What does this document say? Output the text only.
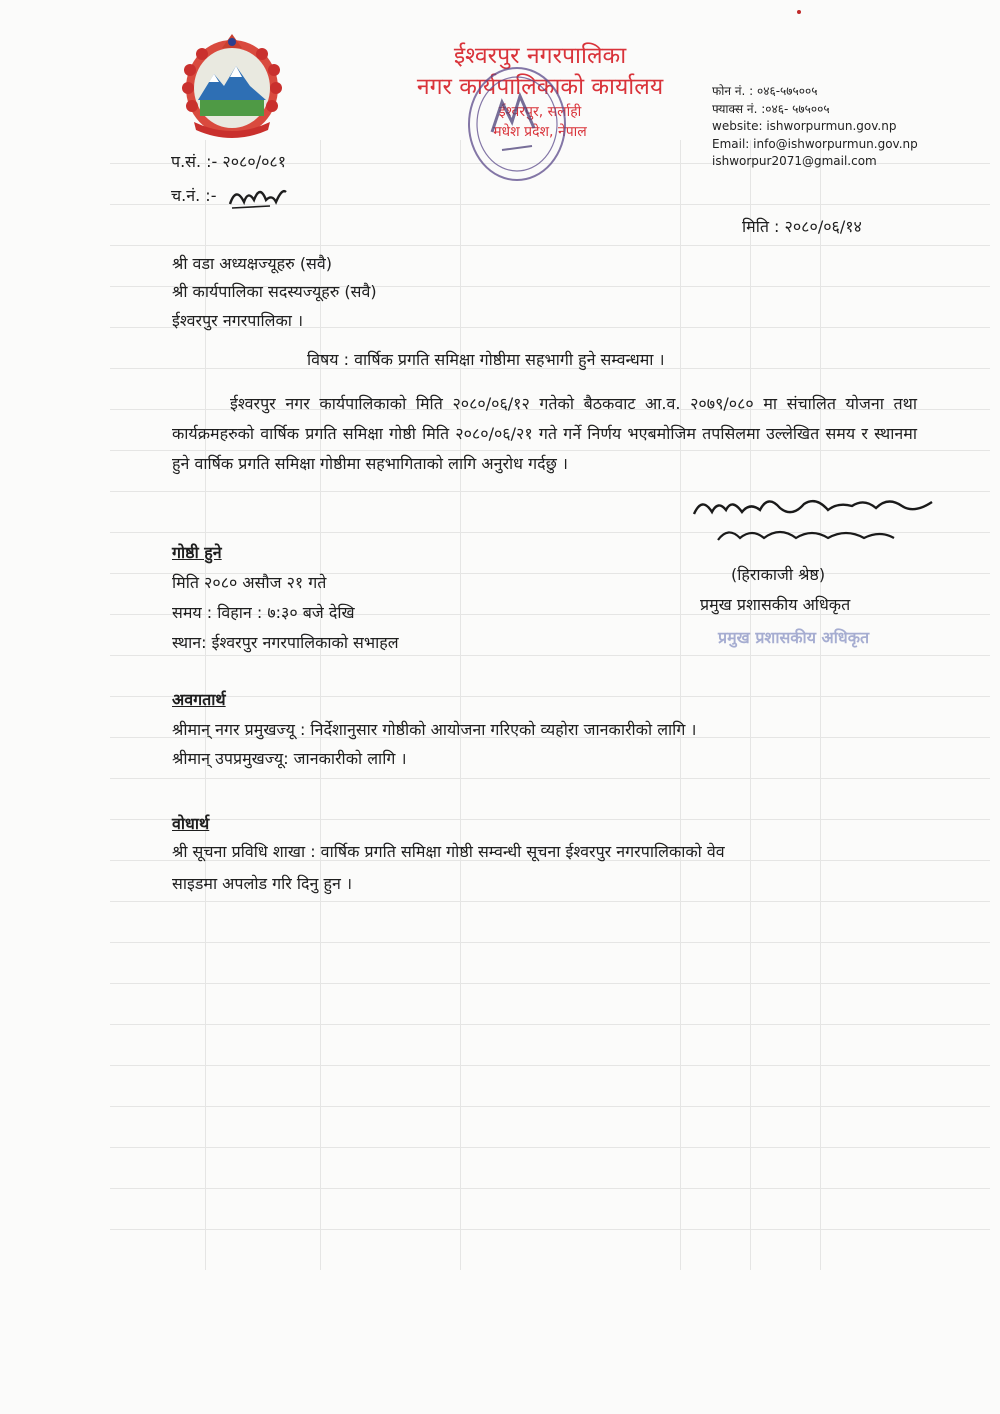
ईश्वरपुर नगरपालिका
नगर कार्यपालिकाको कार्यालय
ईश्वरपुर, सर्लाही
मधेश प्रदेश, नेपाल
फोन नं. : ०४६-५७५००५
फ्याक्स नं. :०४६- ५७५००५
website: ishworpurmun.gov.np
Email: info@ishworpurmun.gov.np
ishworpur2071@gmail.com
प.सं. :- २०८०/०८१
च.नं. :-
मिति : २०८०/०६/१४
श्री वडा अध्यक्षज्यूहरु (सवै)
श्री कार्यपालिका सदस्यज्यूहरु (सवै)
ईश्वरपुर नगरपालिका ।
विषय : वार्षिक प्रगति समिक्षा गोष्ठीमा सहभागी हुने सम्वन्धमा ।
ईश्वरपुर नगर कार्यपालिकाको मिति २०८०/०६/१२ गतेको बैठकवाट आ.व. २०७९/०८० मा संचालित योजना तथा कार्यक्रमहरुको वार्षिक प्रगति समिक्षा गोष्ठी मिति २०८०/०६/२१ गते गर्ने निर्णय भएबमोजिम तपसिलमा उल्लेखित समय र स्थानमा हुने वार्षिक प्रगति समिक्षा गोष्ठीमा सहभागिताको लागि अनुरोध गर्दछु ।
गोष्ठी हुने
मिति २०८० असौज २१ गते
समय : विहान : ७:३० बजे देखि
स्थान: ईश्वरपुर नगरपालिकाको सभाहल
(हिराकाजी श्रेष्ठ)
प्रमुख प्रशासकीय अधिकृत
प्रमुख प्रशासकीय अधिकृत
अवगतार्थ
श्रीमान् नगर प्रमुखज्यू : निर्देशानुसार गोष्ठीको आयोजना गरिएको व्यहोरा जानकारीको लागि ।
श्रीमान् उपप्रमुखज्यू: जानकारीको लागि ।
वोधार्थ
श्री सूचना प्रविधि शाखा : वार्षिक प्रगति समिक्षा गोष्ठी सम्वन्धी सूचना ईश्वरपुर नगरपालिकाको वेव
साइडमा अपलोड गरि दिनु हुन ।
